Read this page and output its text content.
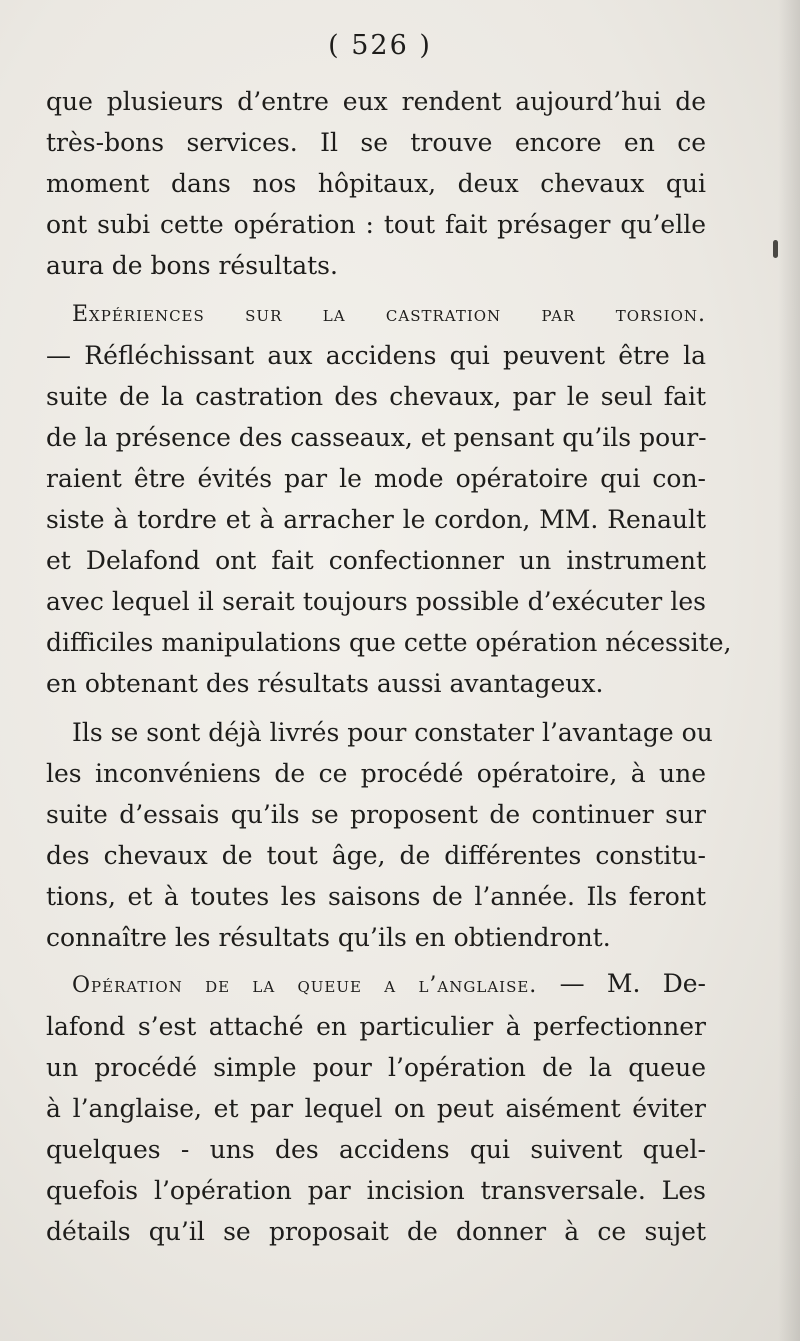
( 526 )
que plusieurs d’entre eux rendent aujourd’hui de
très-bons services. Il se trouve encore en ce
moment dans nos hôpitaux, deux chevaux qui
ont subi cette opération : tout fait présager qu’elle
aura de bons résultats.
Expériences sur la castration par torsion.
— Réfléchissant aux accidens qui peuvent être la
suite de la castration des chevaux, par le seul fait
de la présence des casseaux, et pensant qu’ils pour-
raient être évités par le mode opératoire qui con-
siste à tordre et à arracher le cordon, MM. Renault
et Delafond ont fait confectionner un instrument
avec lequel il serait toujours possible d’exécuter les
difficiles manipulations que cette opération nécessite,
en obtenant des résultats aussi avantageux.
Ils se sont déjà livrés pour constater l’avantage ou
les inconvéniens de ce procédé opératoire, à une
suite d’essais qu’ils se proposent de continuer sur
des chevaux de tout âge, de différentes constitu-
tions, et à toutes les saisons de l’année. Ils feront
connaître les résultats qu’ils en obtiendront.
Opération de la queue a l’anglaise. — M. De-
lafond s’est attaché en particulier à perfectionner
un procédé simple pour l’opération de la queue
à l’anglaise, et par lequel on peut aisément éviter
quelques - uns des accidens qui suivent quel-
quefois l’opération par incision transversale. Les
détails qu’il se proposait de donner à ce sujet
